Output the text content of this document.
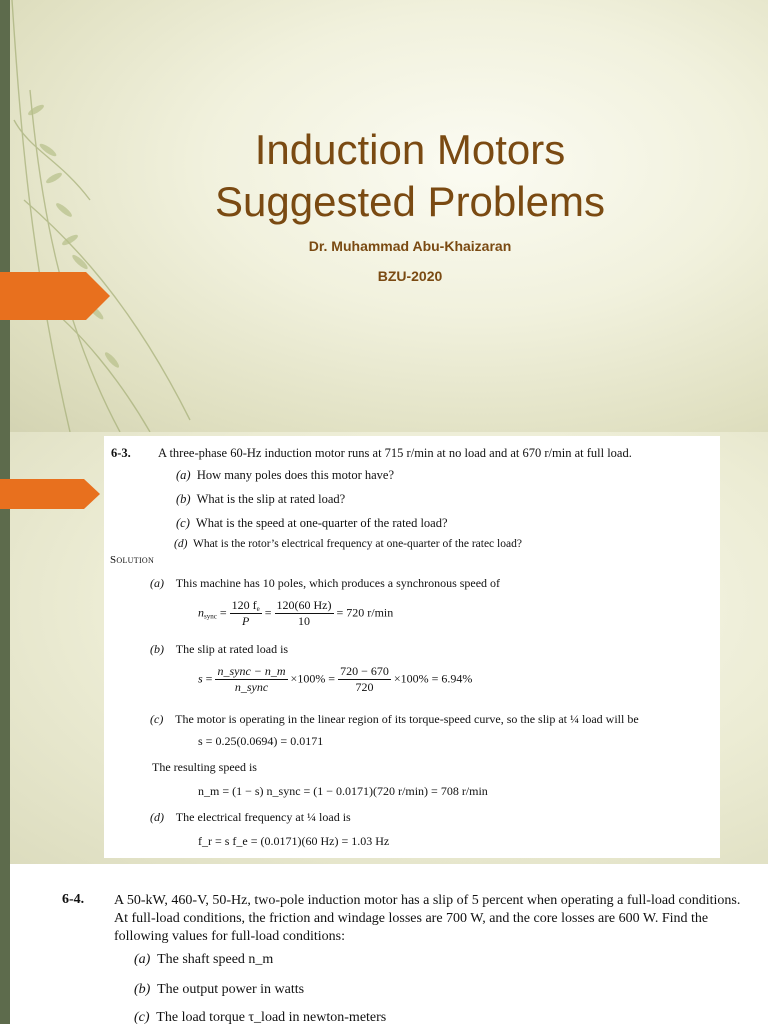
Induction Motors
Suggested Problems
Dr. Muhammad Abu-Khaizaran
BZU-2020
6-3. A three-phase 60-Hz induction motor runs at 715 r/min at no load and at 670 r/min at full load.
(a) How many poles does this motor have?
(b) What is the slip at rated load?
(c) What is the speed at one-quarter of the rated load?
(d) What is the rotor’s electrical frequency at one-quarter of the ratec load?
Solution
(a) This machine has 10 poles, which produces a synchronous speed of
$n_{sync} = \frac{120 f_e}{P} = \frac{120(60 Hz)}{10} = 720$ r/min
(b) The slip at rated load is
$s = \frac{\text{n\_sync − n\_m}}{\text{n\_sync}} \times 100\% = \frac{720 - 670}{720} \times 100\% = 6.94\%$
(c) The motor is operating in the linear region of its torque-speed curve, so the slip at ¼ load will be
s = 0.25(0.0694) = 0.0171
The resulting speed is
n_m = (1 − s) n_sync = (1 − 0.0171)(720 r/min) = 708 r/min
(d) The electrical frequency at ¼ load is
f_r = s f_e = (0.0171)(60 Hz) = 1.03 Hz
6-4. A 50-kW, 460-V, 50-Hz, two-pole induction motor has a slip of 5 percent when operating a full-load conditions. At full-load conditions, the friction and windage losses are 700 W, and the core losses are 600 W. Find the following values for full-load conditions:
(a) The shaft speed n_m
(b) The output power in watts
(c) The load torque τ_load in newton-meters
